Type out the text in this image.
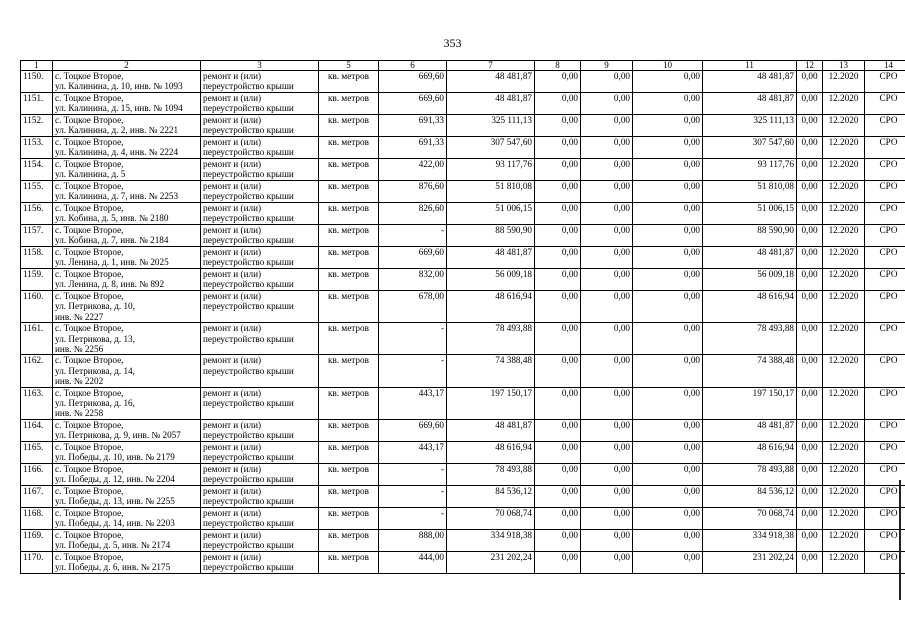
353
1	2	3	5	6	7	8	9	10	11	12	13	14
1150.	с. Тоцкое Второе,
ул. Калинина, д. 10, инв. № 1093	ремонт и (или)
переустройство крыши	кв. метров	669,60	48 481,87	0,00	0,00	0,00	48 481,87	0,00	12.2020	СРО
1151.	с. Тоцкое Второе,
ул. Калинина, д. 15, инв. № 1094	ремонт и (или)
переустройство крыши	кв. метров	669,60	48 481,87	0,00	0,00	0,00	48 481,87	0,00	12.2020	СРО
1152.	с. Тоцкое Второе,
ул. Калинина, д. 2, инв. № 2221	ремонт и (или)
переустройство крыши	кв. метров	691,33	325 111,13	0,00	0,00	0,00	325 111,13	0,00	12.2020	СРО
1153.	с. Тоцкое Второе,
ул. Калинина, д. 4, инв. № 2224	ремонт и (или)
переустройство крыши	кв. метров	691,33	307 547,60	0,00	0,00	0,00	307 547,60	0,00	12.2020	СРО
1154.	с. Тоцкое Второе,
ул. Калинина, д. 5	ремонт и (или)
переустройство крыши	кв. метров	422,00	93 117,76	0,00	0,00	0,00	93 117,76	0,00	12.2020	СРО
1155.	с. Тоцкое Второе,
ул. Калинина, д. 7, инв. № 2253	ремонт и (или)
переустройство крыши	кв. метров	876,60	51 810,08	0,00	0,00	0,00	51 810,08	0,00	12.2020	СРО
1156.	с. Тоцкое Второе,
ул. Кобина, д. 5, инв. № 2180	ремонт и (или)
переустройство крыши	кв. метров	826,60	51 006,15	0,00	0,00	0,00	51 006,15	0,00	12.2020	СРО
1157.	с. Тоцкое Второе,
ул. Кобина, д. 7, инв. № 2184	ремонт и (или)
переустройство крыши	кв. метров	-	88 590,90	0,00	0,00	0,00	88 590,90	0,00	12.2020	СРО
1158.	с. Тоцкое Второе,
ул. Ленина, д. 1, инв. № 2025	ремонт и (или)
переустройство крыши	кв. метров	669,60	48 481,87	0,00	0,00	0,00	48 481,87	0,00	12.2020	СРО
1159.	с. Тоцкое Второе,
ул. Ленина, д. 8, инв. № 892	ремонт и (или)
переустройство крыши	кв. метров	832,00	56 009,18	0,00	0,00	0,00	56 009,18	0,00	12.2020	СРО
1160.	с. Тоцкое Второе,
ул. Петрикова, д. 10,
инв. № 2227	ремонт и (или)
переустройство крыши	кв. метров	678,00	48 616,94	0,00	0,00	0,00	48 616,94	0,00	12.2020	СРО
1161.	с. Тоцкое Второе,
ул. Петрикова, д. 13,
инв. № 2256	ремонт и (или)
переустройство крыши	кв. метров	-	78 493,88	0,00	0,00	0,00	78 493,88	0,00	12.2020	СРО
1162.	с. Тоцкое Второе,
ул. Петрикова, д. 14,
инв. № 2202	ремонт и (или)
переустройство крыши	кв. метров	-	74 388,48	0,00	0,00	0,00	74 388,48	0,00	12.2020	СРО
1163.	с. Тоцкое Второе,
ул. Петрикова, д. 16,
инв. № 2258	ремонт и (или)
переустройство крыши	кв. метров	443,17	197 150,17	0,00	0,00	0,00	197 150,17	0,00	12.2020	СРО
1164.	с. Тоцкое Второе,
ул. Петрикова, д. 9, инв. № 2057	ремонт и (или)
переустройство крыши	кв. метров	669,60	48 481,87	0,00	0,00	0,00	48 481,87	0,00	12.2020	СРО
1165.	с. Тоцкое Второе,
ул. Победы, д. 10, инв. № 2179	ремонт и (или)
переустройство крыши	кв. метров	443,17	48 616,94	0,00	0,00	0,00	48 616,94	0,00	12.2020	СРО
1166.	с. Тоцкое Второе,
ул. Победы, д. 12, инв. № 2204	ремонт и (или)
переустройство крыши	кв. метров	-	78 493,88	0,00	0,00	0,00	78 493,88	0,00	12.2020	СРО
1167.	с. Тоцкое Второе,
ул. Победы, д. 13, инв. № 2255	ремонт и (или)
переустройство крыши	кв. метров	-	84 536,12	0,00	0,00	0,00	84 536,12	0,00	12.2020	СРО
1168.	с. Тоцкое Второе,
ул. Победы, д. 14, инв. № 2203	ремонт и (или)
переустройство крыши	кв. метров	-	70 068,74	0,00	0,00	0,00	70 068,74	0,00	12.2020	СРО
1169.	с. Тоцкое Второе,
ул. Победы, д. 5, инв. № 2174	ремонт и (или)
переустройство крыши	кв. метров	888,00	334 918,38	0,00	0,00	0,00	334 918,38	0,00	12.2020	СРО
1170.	с. Тоцкое Второе,
ул. Победы, д. 6, инв. № 2175	ремонт и (или)
переустройство крыши	кв. метров	444,00	231 202,24	0,00	0,00	0,00	231 202,24	0,00	12.2020	СРО
